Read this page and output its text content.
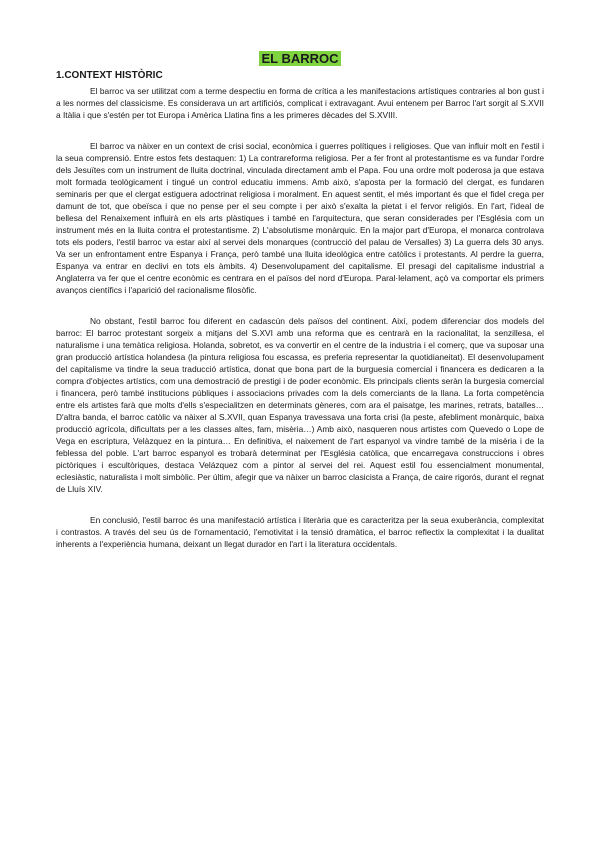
EL BARROC
1.CONTEXT HISTÒRIC

El barroc va ser utilitzat com a terme despectiu en forma de crítica a les manifestacions artístiques contraries al bon gust i a les normes del classicisme. Es considerava un art artificiós, complicat i extravagant. Avui entenem per Barroc l'art sorgit al S.XVII a Itàlia i que s'estén per tot Europa i Amèrica Llatina fins a les primeres dècades del S.XVIII.

El barroc va nàixer en un context de crisi social, econòmica i guerres polítiques i religioses. Que van influir molt en l'estil i la seua comprensió. Entre estos fets destaquen: 1) La contrareforma religiosa. Per a fer front al protestantisme es va fundar l'ordre dels Jesuïtes com un instrument de lluita doctrinal, vinculada directament amb el Papa. Fou una ordre molt poderosa ja que estava molt formada teològicament i tingué un control educatiu immens. Amb això, s'aposta per la formació del clergat, es fundaren seminaris per que el clergat estiguera adoctrinat religiosa i moralment. En aquest sentit, el més important és que el fidel crega per damunt de tot, que obeïsca i que no pense per el seu compte i per això s'exalta la pietat i el fervor religiós. En l'art, l'ideal de bellesa del Renaixement influirà en els arts plàstiques i també en l'arquitectura, que seran considerades per l'Església com un instrument més en la lluita contra el protestantisme. 2) L'absolutisme monàrquic. En la major part d'Europa, el monarca controlava tots els poders, l'estil barroc va estar així al servei dels monarques (contrucció del palau de Versalles) 3) La guerra dels 30 anys. Va ser un enfrontament entre Espanya i França, però també una lluita ideològica entre catòlics i protestants. Al perdre la guerra, Espanya va entrar en declivi en tots els àmbits. 4) Desenvolupament del capitalisme. El presagi del capitalisme industrial a Anglaterra va fer que el centre econòmic es centrara en el països del nord d'Europa. Paral·lelament, açò va comportar els primers avanços científics i l'aparició del racionalisme filosòfic.

No obstant, l'estil barroc fou diferent en cadascún dels països del continent. Així, podem diferenciar dos models del barroc: El barroc protestant sorgeix a mitjans del S.XVI amb una reforma que es centrarà en la racionalitat, la senzillesa, el naturalisme i una temàtica religiosa. Holanda, sobretot, es va convertir en el centre de la industria i el comerç, que va suposar una gran producció artística holandesa (la pintura religiosa fou escassa, es preferia representar la quotidianeitat). El desenvolupament del capitalisme va tindre la seua traducció artística, donat que bona part de la burguesia comercial i financera es dedicaren a la compra d'objectes artístics, com una demostració de prestigi i de poder econòmic. Els principals clients seràn la burgesia comercial i financera, però també institucions públiques i associacions privades com la dels comerciants de la llana. La forta competència entre els artistes farà que molts d'ells s'especialitzen en determinats gèneres, com ara el paisatge, les marines, retrats, batalles… D'altra banda, el barroc catòlic va nàixer al S.XVII, quan Espanya travessava una forta crisi (la peste, afebliment monàrquic, baixa producció agrícola, dificultats per a les classes altes, fam, misèria…) Amb això, nasqueren nous artistes com Quevedo o Lope de Vega en escriptura, Velàzquez en la pintura… En definitiva, el naixement de l'art espanyol va vindre també de la misèria i de la feblessa del poble. L'art barroc espanyol es trobarà determinat per l'Església catòlica, que encarregava construccions i obres pictòriques i escultòriques, destaca Velázquez com a pintor al servei del rei. Aquest estil fou essencialment monumental, eclesiàstic, naturalista i molt simbòlic. Per últim, afegir que va nàixer un barroc clasicista a França, de caire rigorós, durant el regnat de Lluís XIV.

En conclusió, l'estil barroc és una manifestació artística i literària que es caracteritza per la seua exuberància, complexitat i contrastos. A través del seu ús de l'ornamentació, l'emotivitat i la tensió dramàtica, el barroc reflectix la complexitat i la dualitat inherents a l'experiència humana, deixant un llegat durador en l'art i la literatura occidentals.
